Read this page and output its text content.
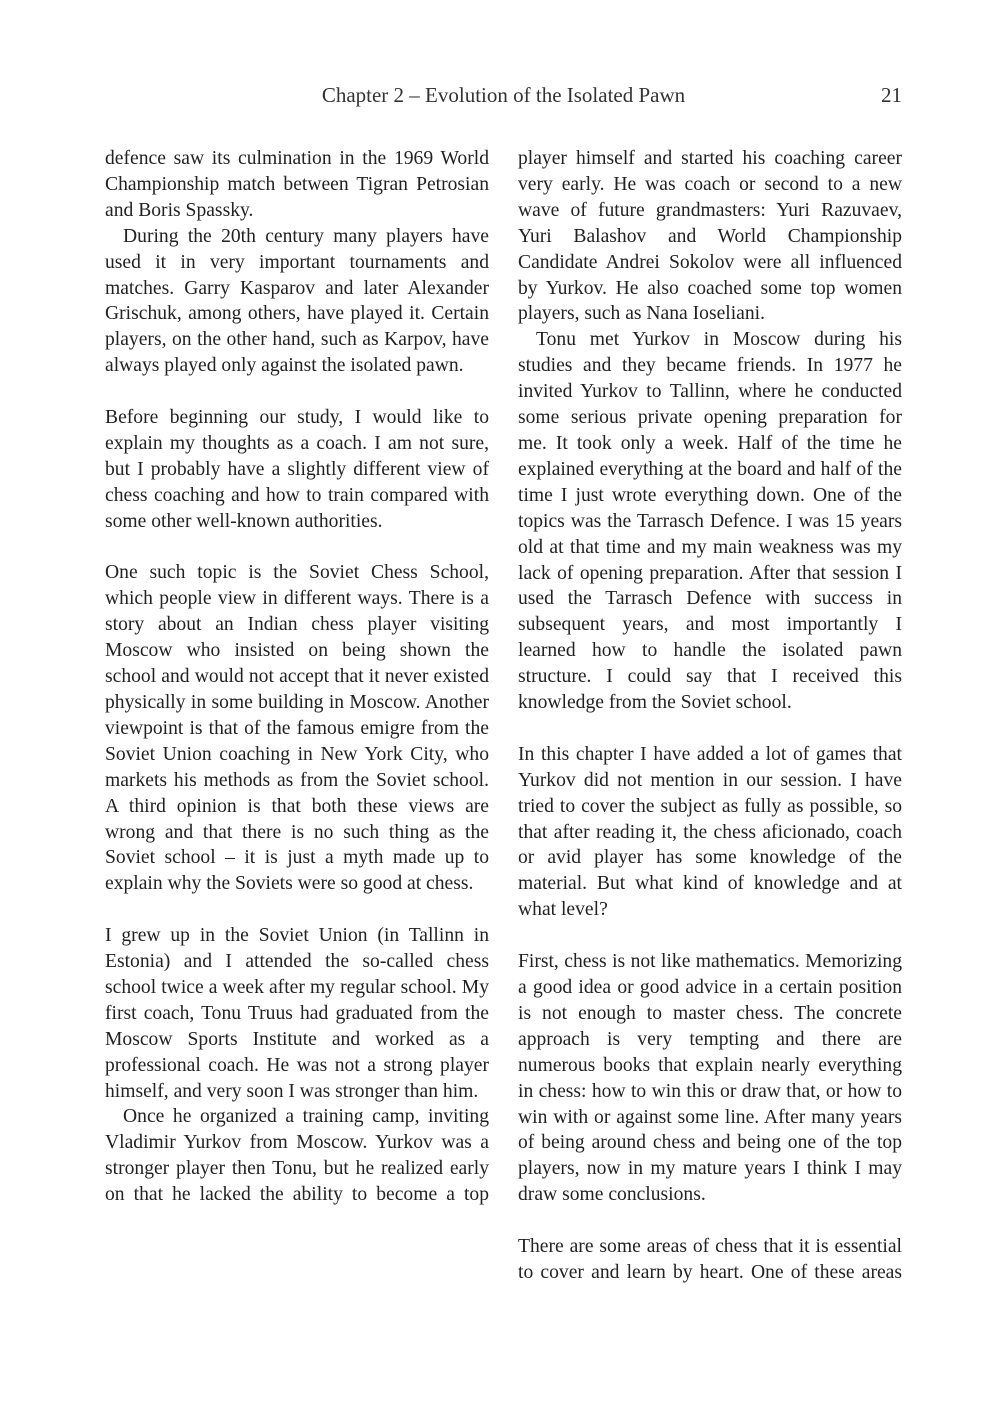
Chapter 2 – Evolution of the Isolated Pawn	21

defence saw its culmination in the 1969 World Championship match between Tigran Petrosian and Boris Spassky.

During the 20th century many players have used it in very important tournaments and matches. Garry Kasparov and later Alexander Grischuk, among others, have played it. Certain players, on the other hand, such as Karpov, have always played only against the isolated pawn.

Before beginning our study, I would like to explain my thoughts as a coach. I am not sure, but I probably have a slightly different view of chess coaching and how to train compared with some other well-known authorities.

One such topic is the Soviet Chess School, which people view in different ways. There is a story about an Indian chess player visiting Moscow who insisted on being shown the school and would not accept that it never existed physically in some building in Moscow. Another viewpoint is that of the famous emigre from the Soviet Union coaching in New York City, who markets his methods as from the Soviet school. A third opinion is that both these views are wrong and that there is no such thing as the Soviet school – it is just a myth made up to explain why the Soviets were so good at chess.

I grew up in the Soviet Union (in Tallinn in Estonia) and I attended the so-called chess school twice a week after my regular school. My first coach, Tonu Truus had graduated from the Moscow Sports Institute and worked as a professional coach. He was not a strong player himself, and very soon I was stronger than him.

Once he organized a training camp, inviting Vladimir Yurkov from Moscow. Yurkov was a stronger player then Tonu, but he realized early on that he lacked the ability to become a top

player himself and started his coaching career very early. He was coach or second to a new wave of future grandmasters: Yuri Razuvaev, Yuri Balashov and World Championship Candidate Andrei Sokolov were all influenced by Yurkov. He also coached some top women players, such as Nana Ioseliani.

Tonu met Yurkov in Moscow during his studies and they became friends. In 1977 he invited Yurkov to Tallinn, where he conducted some serious private opening preparation for me. It took only a week. Half of the time he explained everything at the board and half of the time I just wrote everything down. One of the topics was the Tarrasch Defence. I was 15 years old at that time and my main weakness was my lack of opening preparation. After that session I used the Tarrasch Defence with success in subsequent years, and most importantly I learned how to handle the isolated pawn structure. I could say that I received this knowledge from the Soviet school.

In this chapter I have added a lot of games that Yurkov did not mention in our session. I have tried to cover the subject as fully as possible, so that after reading it, the chess aficionado, coach or avid player has some knowledge of the material. But what kind of knowledge and at what level?

First, chess is not like mathematics. Memorizing a good idea or good advice in a certain position is not enough to master chess. The concrete approach is very tempting and there are numerous books that explain nearly everything in chess: how to win this or draw that, or how to win with or against some line. After many years of being around chess and being one of the top players, now in my mature years I think I may draw some conclusions.

There are some areas of chess that it is essential to cover and learn by heart. One of these areas
